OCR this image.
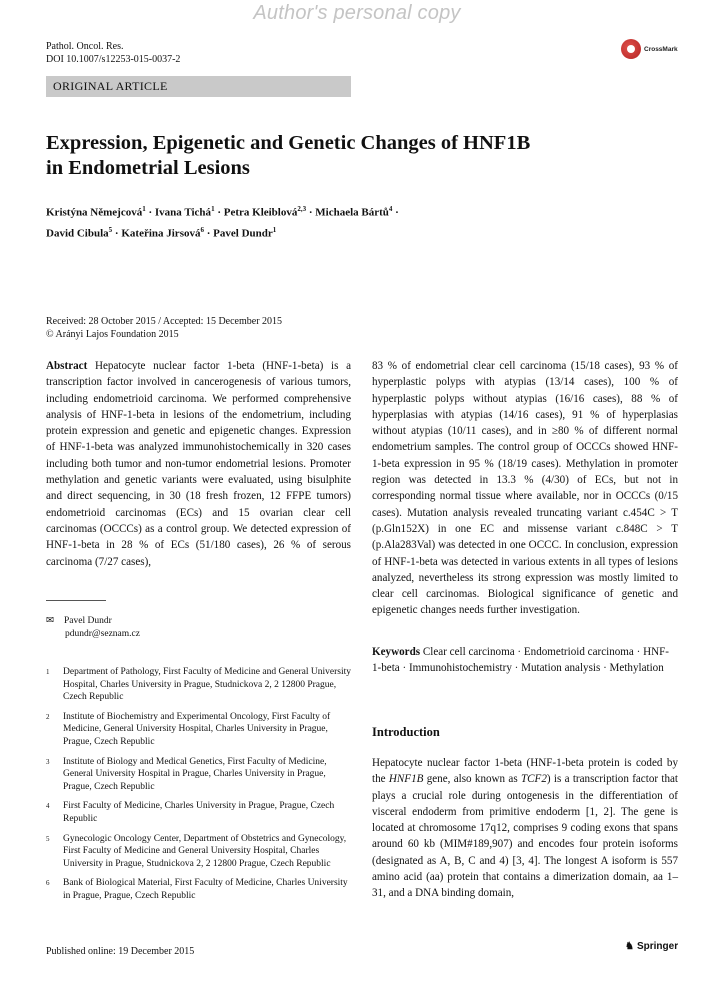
Author's personal copy
Pathol. Oncol. Res.
DOI 10.1007/s12253-015-0037-2
CrossMark
ORIGINAL ARTICLE
Expression, Epigenetic and Genetic Changes of HNF1B
in Endometrial Lesions
Kristýna Němejcová$^1$ · Ivana Tichá$^1$ · Petra Kleiblová$^{2,3}$ · Michaela Bártů$^4$ ·
David Cibula$^5$ · Kateřina Jirsová$^6$ · Pavel Dundr$^1$
Received: 28 October 2015 / Accepted: 15 December 2015
© Arányi Lajos Foundation 2015
Abstract Hepatocyte nuclear factor 1-beta (HNF-1-beta) is a transcription factor involved in cancerogenesis of various tumors, including endometrioid carcinoma. We performed comprehensive analysis of HNF-1-beta in lesions of the endometrium, including protein expression and genetic and epigenetic changes. Expression of HNF-1-beta was analyzed immunohistochemically in 320 cases including both tumor and non-tumor endometrial lesions. Promoter methylation and genetic variants were evaluated, using bisulphite and direct sequencing, in 30 (18 fresh frozen, 12 FFPE tumors) endometrioid carcinomas (ECs) and 15 ovarian clear cell carcinomas (OCCCs) as a control group. We detected expression of HNF-1-beta in 28 % of ECs (51/180 cases), 26 % of serous carcinoma (7/27 cases),
83 % of endometrial clear cell carcinoma (15/18 cases), 93 % of hyperplastic polyps with atypias (13/14 cases), 100 % of hyperplastic polyps without atypias (16/16 cases), 88 % of hyperplasias with atypias (14/16 cases), 91 % of hyperplasias without atypias (10/11 cases), and in ≥80 % of different normal endometrium samples. The control group of OCCCs showed HNF-1-beta expression in 95 % (18/19 cases). Methylation in promoter region was detected in 13.3 % (4/30) of ECs, but not in corresponding normal tissue where available, nor in OCCCs (0/15 cases). Mutation analysis revealed truncating variant c.454C > T (p.Gln152X) in one EC and missense variant c.848C > T (p.Ala283Val) was detected in one OCCC. In conclusion, expression of HNF-1-beta was detected in various extents in all types of lesions analyzed, nevertheless its strong expression was mostly limited to clear cell carcinomas. Biological significance of genetic and epigenetic changes needs further investigation.
✉ Pavel Dundr
pdundr@seznam.cz
1	Department of Pathology, First Faculty of Medicine and General University Hospital, Charles University in Prague, Studnickova 2, 2 12800 Prague, Czech Republic
2	Institute of Biochemistry and Experimental Oncology, First Faculty of Medicine, General University Hospital, Charles University in Prague, Prague, Czech Republic
3	Institute of Biology and Medical Genetics, First Faculty of Medicine, General University Hospital in Prague, Charles University in Prague, Prague, Czech Republic
4	First Faculty of Medicine, Charles University in Prague, Prague, Czech Republic
5	Gynecologic Oncology Center, Department of Obstetrics and Gynecology, First Faculty of Medicine and General University Hospital, Charles University in Prague, Studnickova 2, 2 12800 Prague, Czech Republic
6	Bank of Biological Material, First Faculty of Medicine, Charles University in Prague, Prague, Czech Republic
Keywords Clear cell carcinoma · Endometrioid carcinoma · HNF-1-beta · Immunohistochemistry · Mutation analysis · Methylation
Introduction
Hepatocyte nuclear factor 1-beta (HNF-1-beta protein is coded by the HNF1B gene, also known as TCF2) is a transcription factor that plays a crucial role during ontogenesis in the differentiation of visceral endoderm from primitive endoderm [1, 2]. The gene is located at chromosome 17q12, comprises 9 coding exons that spans around 60 kb (MIM#189,907) and encodes four protein isoforms (designated as A, B, C and 4) [3, 4]. The longest A isoform is 557 amino acid (aa) protein that contains a dimerization domain, aa 1–31, and a DNA binding domain,
Published online: 19 December 2015	♞ Springer
